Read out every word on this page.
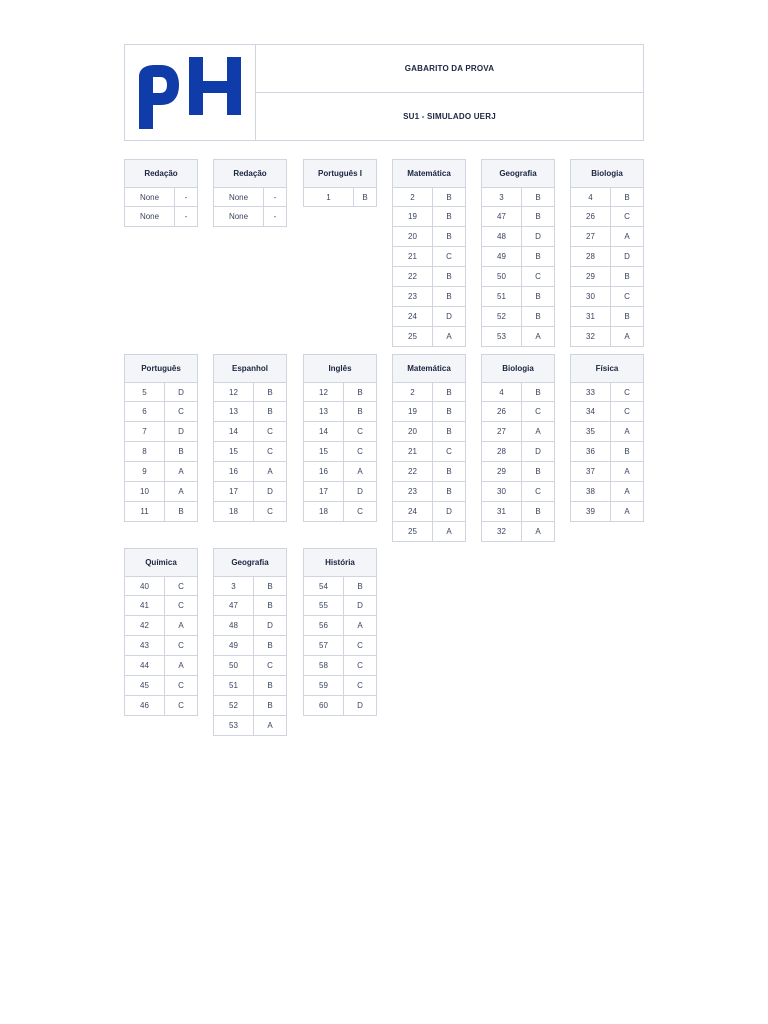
GABARITO DA PROVA
SU1 - SIMULADO UERJ
Redação
None	-
None	-
Redação
None	-
None	-
Português I
1	B
Matemática
2	B
19	B
20	B
21	C
22	B
23	B
24	D
25	A
Geografia
3	B
47	B
48	D
49	B
50	C
51	B
52	B
53	A
Biologia
4	B
26	C
27	A
28	D
29	B
30	C
31	B
32	A
Português
5	D
6	C
7	D
8	B
9	A
10	A
11	B
Espanhol
12	B
13	B
14	C
15	C
16	A
17	D
18	C
Inglês
12	B
13	B
14	C
15	C
16	A
17	D
18	C
Matemática
2	B
19	B
20	B
21	C
22	B
23	B
24	D
25	A
Biologia
4	B
26	C
27	A
28	D
29	B
30	C
31	B
32	A
Física
33	C
34	C
35	A
36	B
37	A
38	A
39	A
Química
40	C
41	C
42	A
43	C
44	A
45	C
46	C
Geografia
3	B
47	B
48	D
49	B
50	C
51	B
52	B
53	A
História
54	B
55	D
56	A
57	C
58	C
59	C
60	D
